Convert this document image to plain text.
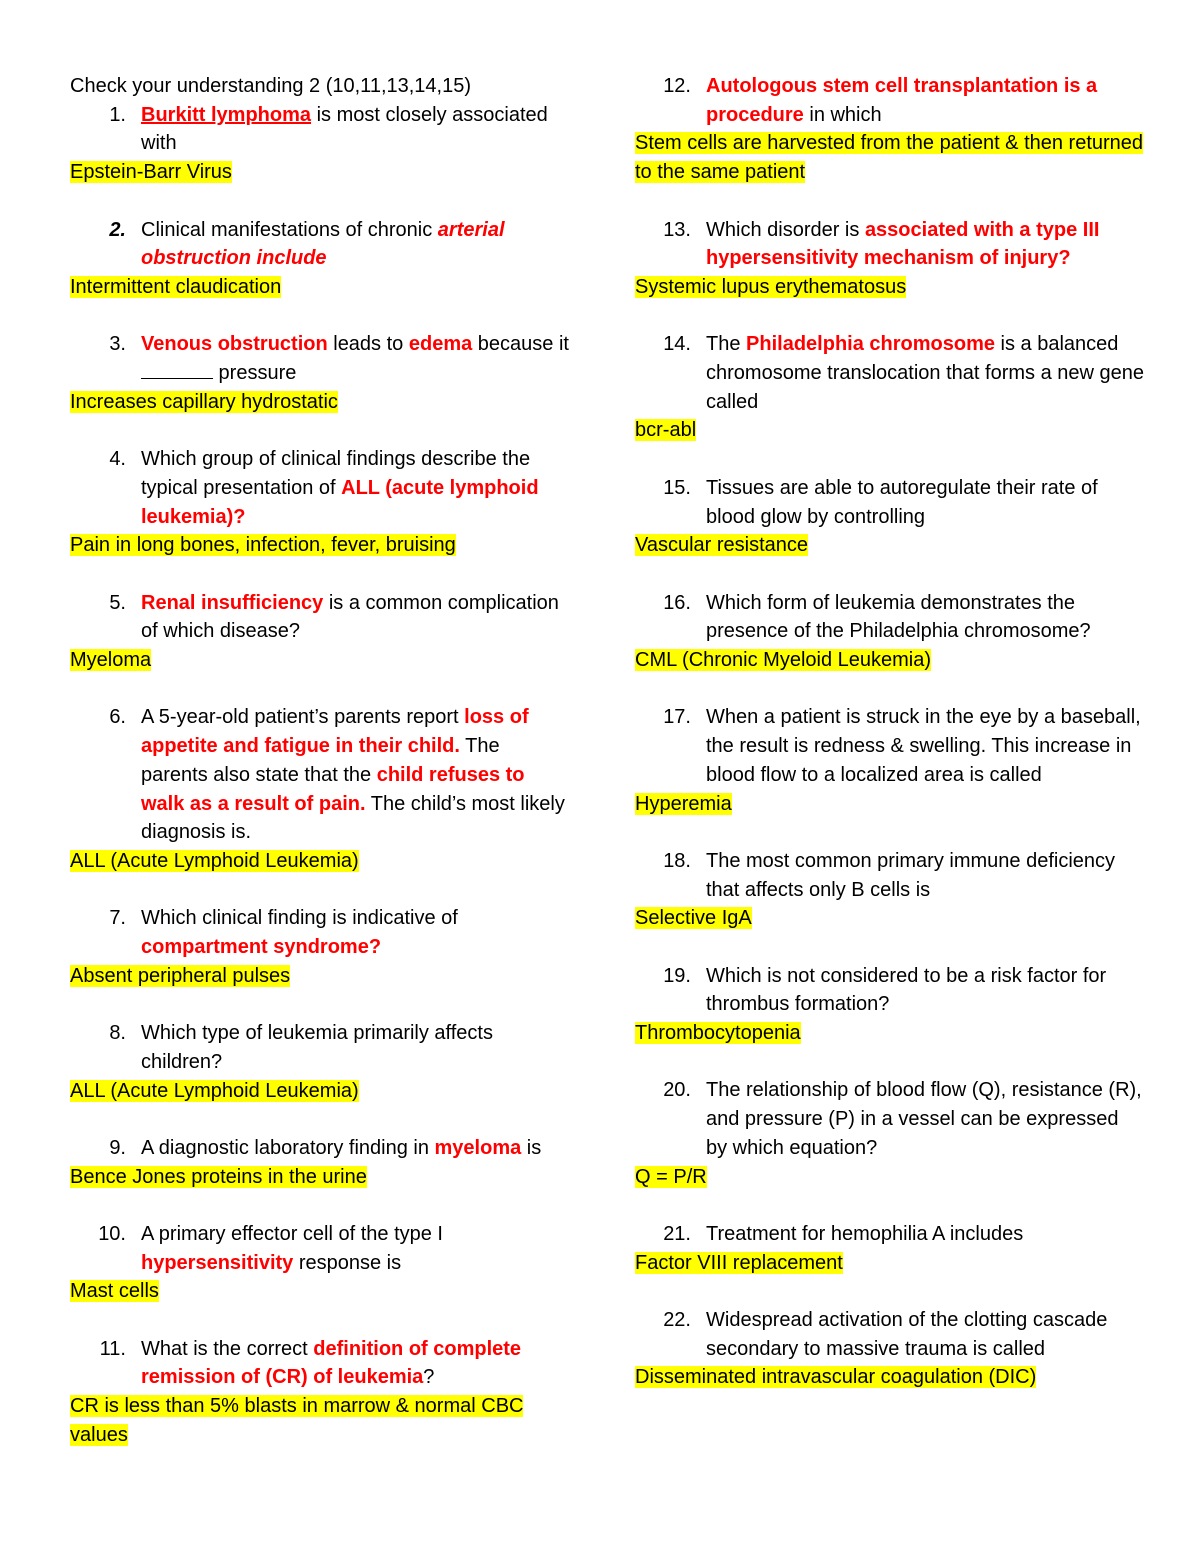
Check your understanding 2 (10,11,13,14,15)
1. Burkitt lymphoma is most closely associated with
Epstein-Barr Virus
2. Clinical manifestations of chronic arterial obstruction include
Intermittent claudication
3. Venous obstruction leads to edema because it  pressure
Increases capillary hydrostatic
4. Which group of clinical findings describe the typical presentation of ALL (acute lymphoid leukemia)?
Pain in long bones, infection, fever, bruising
5. Renal insufficiency is a common complication of which disease?
Myeloma
6. A 5-year-old patient’s parents report loss of appetite and fatigue in their child. The parents also state that the child refuses to walk as a result of pain. The child’s most likely diagnosis is.
ALL (Acute Lymphoid Leukemia)
7. Which clinical finding is indicative of compartment syndrome?
Absent peripheral pulses
8. Which type of leukemia primarily affects children?
ALL (Acute Lymphoid Leukemia)
9. A diagnostic laboratory finding in myeloma is
Bence Jones proteins in the urine
10. A primary effector cell of the type I hypersensitivity response is
Mast cells
11. What is the correct definition of complete remission of (CR) of leukemia?
CR is less than 5% blasts in marrow & normal CBC values
12. Autologous stem cell transplantation is a procedure in which
Stem cells are harvested from the patient & then returned to the same patient
13. Which disorder is associated with a type III hypersensitivity mechanism of injury?
Systemic lupus erythematosus
14. The Philadelphia chromosome is a balanced chromosome translocation that forms a new gene called
bcr-abl
15. Tissues are able to autoregulate their rate of blood glow by controlling
Vascular resistance
16. Which form of leukemia demonstrates the presence of the Philadelphia chromosome?
CML (Chronic Myeloid Leukemia)
17. When a patient is struck in the eye by a baseball, the result is redness & swelling. This increase in blood flow to a localized area is called
Hyperemia
18. The most common primary immune deficiency that affects only B cells is
Selective IgA
19. Which is not considered to be a risk factor for thrombus formation?
Thrombocytopenia
20. The relationship of blood flow (Q), resistance (R), and pressure (P) in a vessel can be expressed by which equation?
Q = P/R
21. Treatment for hemophilia A includes
Factor VIII replacement
22. Widespread activation of the clotting cascade secondary to massive trauma is called
Disseminated intravascular coagulation (DIC)
